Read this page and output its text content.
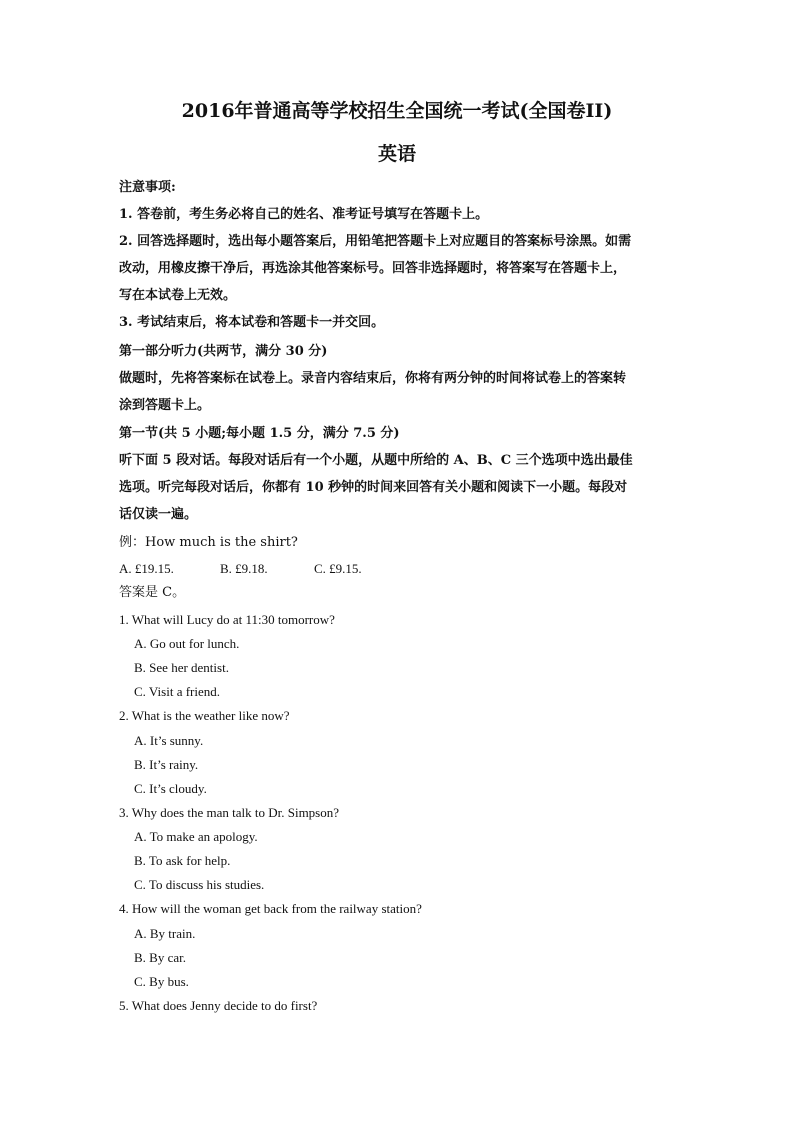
2016年普通高等学校招生全国统一考试(全国卷II)
英语
注意事项:
1. 答卷前，考生务必将自己的姓名、准考证号填写在答题卡上。
2. 回答选择题时，选出每小题答案后，用铅笔把答题卡上对应题目的答案标号涂黑。如需
改动，用橡皮擦干净后，再选涂其他答案标号。回答非选择题时，将答案写在答题卡上，
写在本试卷上无效。
3. 考试结束后，将本试卷和答题卡一并交回。
第一部分听力(共两节，满分 30 分)
做题时，先将答案标在试卷上。录音内容结束后，你将有两分钟的时间将试卷上的答案转
涂到答题卡上。
第一节(共 5 小题;每小题 1.5 分，满分 7.5 分)
听下面 5 段对话。每段对话后有一个小题，从题中所给的 A、B、C 三个选项中选出最佳
选项。听完每段对话后，你都有 10 秒钟的时间来回答有关小题和阅读下一小题。每段对
话仅读一遍。
例：How much is the shirt?
A. £19.15.	B. £9.18.	C. £9.15.
答案是 C。
1. What will Lucy do at 11:30 tomorrow?
A. Go out for lunch.
B. See her dentist.
C. Visit a friend.
2. What is the weather like now?
A. It’s sunny.
B. It’s rainy.
C. It’s cloudy.
3. Why does the man talk to Dr. Simpson?
A. To make an apology.
B. To ask for help.
C. To discuss his studies.
4. How will the woman get back from the railway station?
A. By train.
B. By car.
C. By bus.
5. What does Jenny decide to do first?
